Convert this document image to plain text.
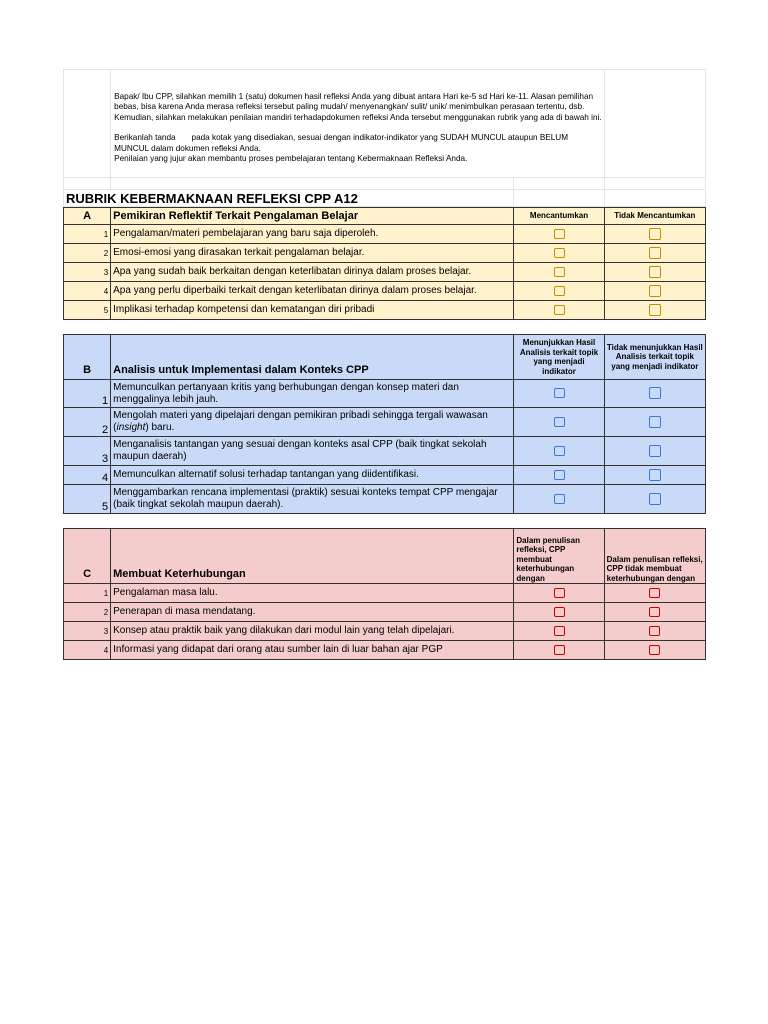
	Bapak/ Ibu CPP, silahkan memilih 1 (satu) dokumen hasil refleksi Anda yang dibuat antara Hari ke-5 sd Hari ke-11. Alasan pemilihan bebas, bisa karena Anda merasa refleksi tersebut paling mudah/ menyenangkan/ sulit/ unik/ menimbulkan perasaan tertentu, dsb. Kemudian, silahkan melakukan penilaian mandiri terhadapdokumen refleksi Anda tersebut menggunakan rubrik yang ada di bawah ini.

Berikanlah tanda       pada kotak yang disediakan, sesuai dengan indikator-indikator yang SUDAH MUNCUL ataupun BELUM MUNCUL dalam dokumen refleksi Anda.
Penilaian yang jujur akan membantu proses pembelajaran tentang Kebermaknaan Refleksi Anda.		

RUBRIK KEBERMAKNAAN REFLEKSI CPP A12			
A	Pemikiran Reflektif Terkait Pengalaman Belajar	Mencantumkan	Tidak Mencantumkan
1	Pengalaman/materi pembelajaran yang baru saja diperoleh.		
2	Emosi-emosi yang dirasakan terkait pengalaman belajar.		
3	Apa yang sudah baik berkaitan dengan keterlibatan dirinya dalam proses belajar.		
4	Apa yang perlu diperbaiki terkait dengan keterlibatan dirinya dalam proses belajar.		
5	Implikasi terhadap kompetensi dan kematangan diri pribadi		
B	Analisis untuk Implementasi dalam Konteks CPP	Menunjukkan Hasil Analisis terkait topik yang menjadi indikator	Tidak menunjukkan Hasil Analisis terkait topik yang menjadi indikator
1	Memunculkan pertanyaan kritis yang berhubungan dengan konsep materi dan menggalinya lebih jauh.		
2	Mengolah materi yang dipelajari dengan pemikiran pribadi sehingga tergali wawasan (insight) baru.		
3	Menganalisis tantangan yang sesuai dengan konteks asal CPP (baik tingkat sekolah maupun daerah)		
4	Memunculkan alternatif solusi terhadap tantangan yang diidentifikasi.		
5	Menggambarkan rencana implementasi (praktik) sesuai konteks tempat CPP mengajar (baik tingkat sekolah maupun daerah).		
C	Membuat Keterhubungan	Dalam penulisan refleksi, CPP membuat keterhubungan dengan	Dalam penulisan refleksi, CPP tidak membuat keterhubungan dengan
1	Pengalaman masa lalu.		
2	Penerapan di masa mendatang.		
3	Konsep atau praktik baik yang dilakukan dari modul lain yang telah dipelajari.		
4	Informasi yang didapat dari orang atau sumber lain di luar bahan ajar PGP		
